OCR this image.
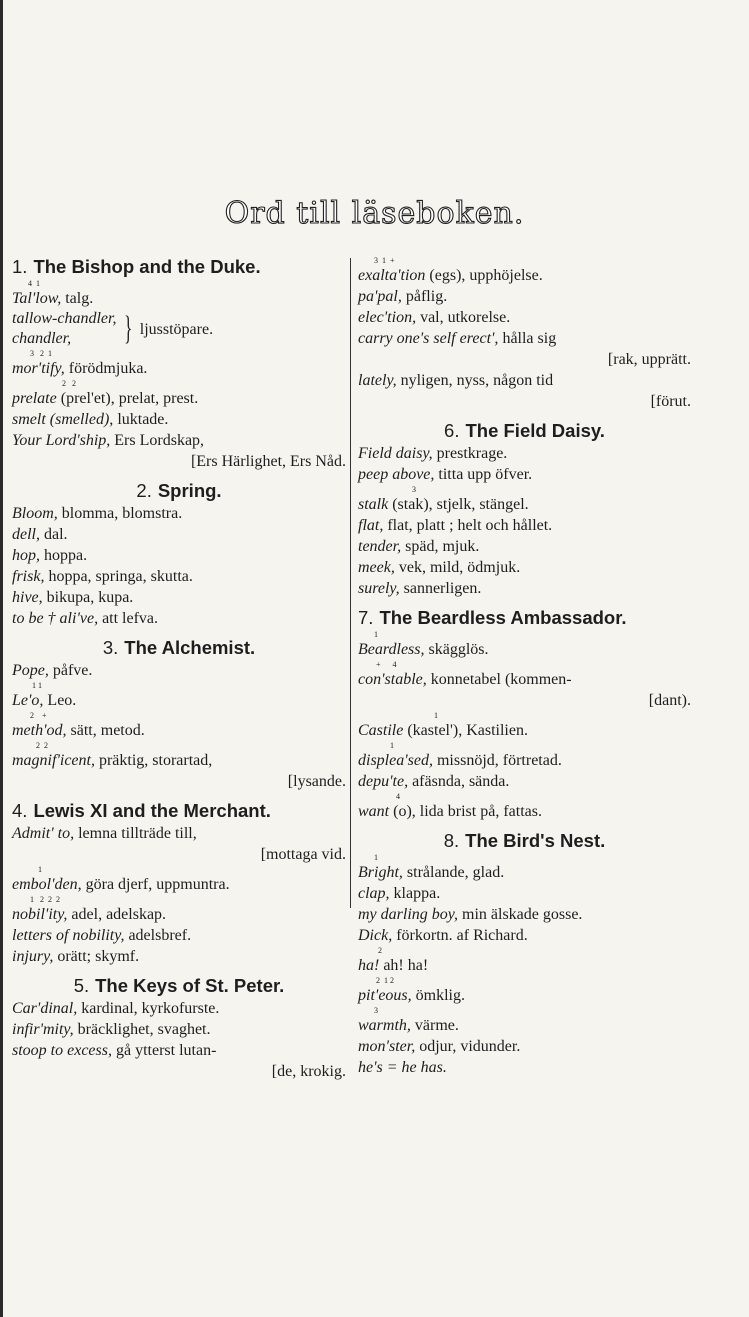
Ord till läseboken.
1. The Bishop and the Duke.
4  1
Tal'low, talg.
tallow-chandler,
chandler,	} ljusstöpare.
3   2  1
mor'tify, förödmjuka.
2   2
prelate (prel'et), prelat, prest.
smelt (smelled), luktade.
Your Lord'ship, Ers Lordskap,
[Ers Härlighet, Ers Nåd.
2. Spring.
Bloom, blomma, blomstra.
dell, dal.
hop, hoppa.
frisk, hoppa, springa, skutta.
hive, bikupa, kupa.
to be † ali've, att lefva.
3. The Alchemist.
Pope, påfve.
1 1
Le'o, Leo.
2    +
meth'od, sätt, metod.
2  2
magnif'icent, präktig, storartad,
[lysande.
4. Lewis XI and the Merchant.
Admit' to, lemna tillträde till,
[mottaga vid.
1
embol'den, göra djerf, uppmuntra.
1   2  2  2
nobil'ity, adel, adelskap.
letters of nobility, adelsbref.
injury, orätt; skymf.
5. The Keys of St. Peter.
Car'dinal, kardinal, kyrkofurste.
infir'mity, bräcklighet, svaghet.
stoop to excess, gå ytterst lutan-
[de, krokig.
3  1  +
exalta'tion (egs), upphöjelse.
pa'pal, påflig.
elec'tion, val, utkorelse.
carry one's self erect', hålla sig
[rak, upprätt.
lately, nyligen, nyss, någon tid
[förut.
6. The Field Daisy.
Field daisy, prestkrage.
peep above, titta upp öfver.
3
stalk (stak), stjelk, stängel.
flat, flat, platt ; helt och hållet.
tender, späd, mjuk.
meek, vek, mild, ödmjuk.
surely, sannerligen.
7. The Beardless Ambassador.
1
Beardless, skägglös.
+      4
con'stable, konnetabel (kommen-
[dant).
1
Castile (kastel'), Kastilien.
1
displea'sed, missnöjd, förtretad.
depu'te, afäsnda, sända.
4
want (o), lida brist på, fattas.
8. The Bird's Nest.
1
Bright, strålande, glad.
clap, klappa.
my darling boy, min älskade gosse.
Dick, förkortn. af Richard.
2
ha! ah! ha!
2  1 2
pit'eous, ömklig.
3
warmth, värme.
mon'ster, odjur, vidunder.
he's = he has.
